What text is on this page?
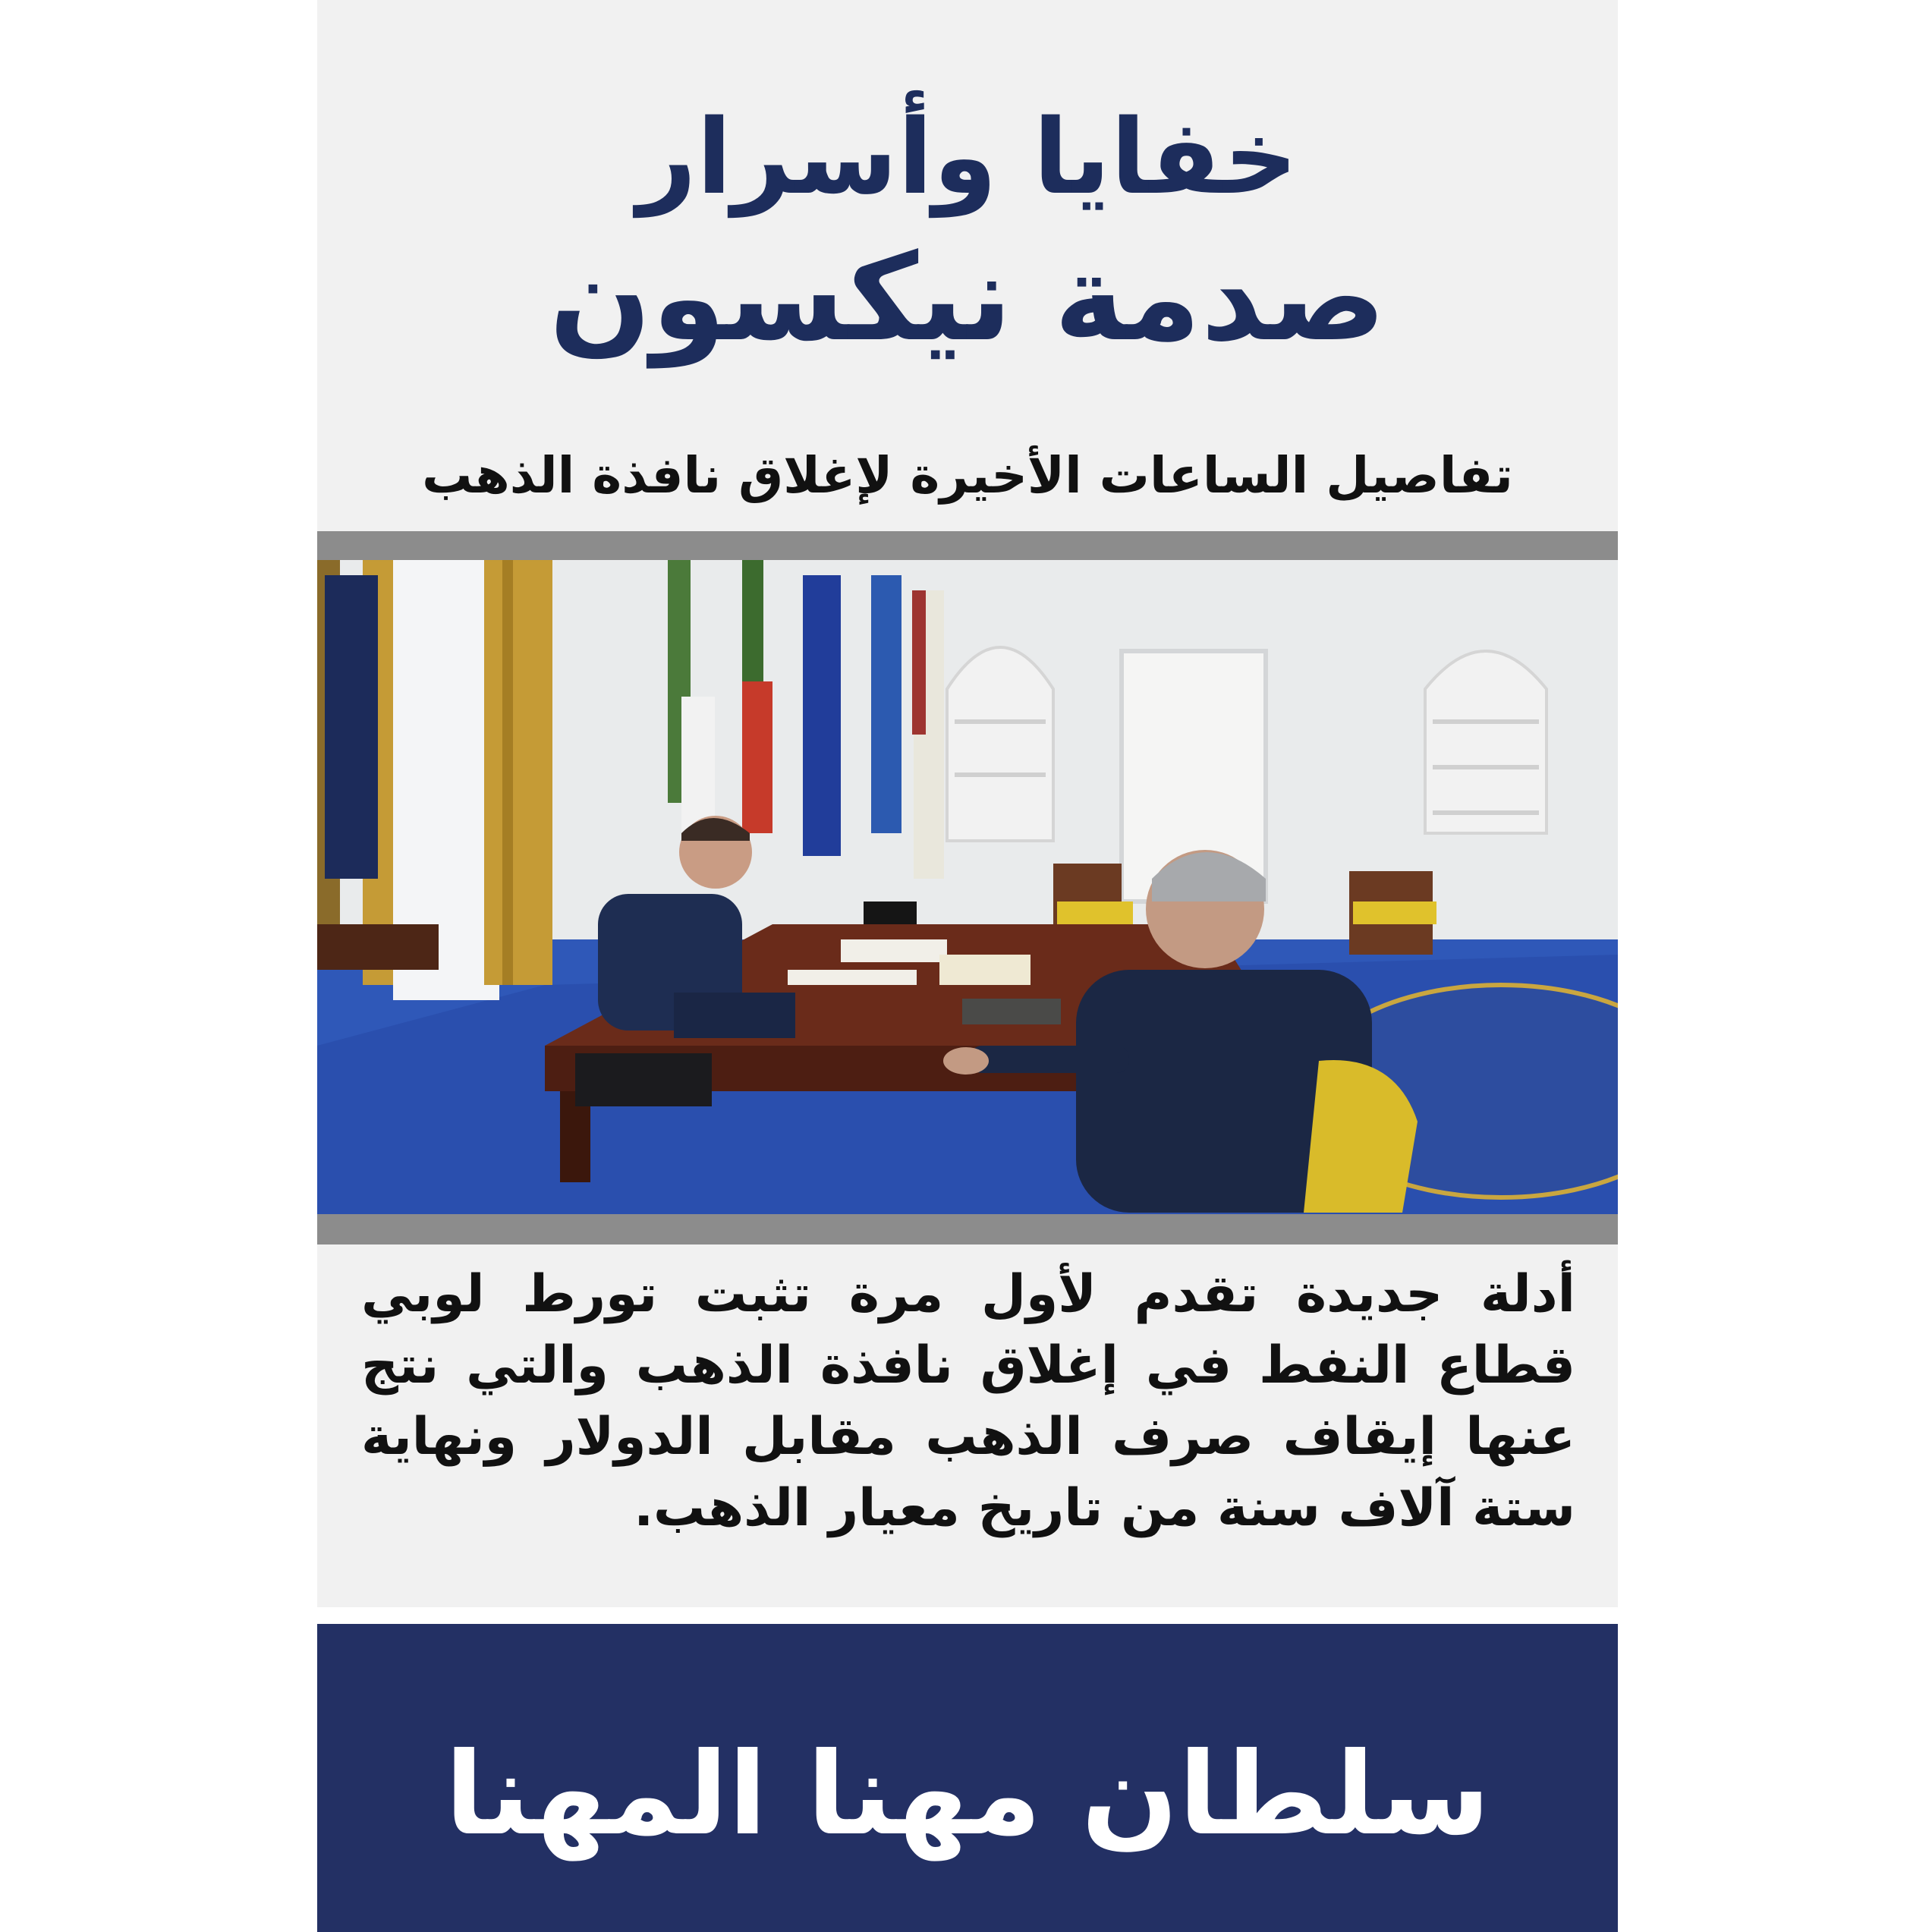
خفايا وأسرار
صدمة نيكسون
تفاصيل الساعات الأخيرة لإغلاق نافذة الذهب
أدلة جديدة تقدم لأول مرة تثبت تورط لوبي
قطاع النفط في إغلاق نافذة الذهب والتي نتج
عنها إيقاف صرف الذهب مقابل الدولار ونهاية
ستة آلاف سنة من تاريخ معيار الذهب.
سلطان مهنا المهنا
